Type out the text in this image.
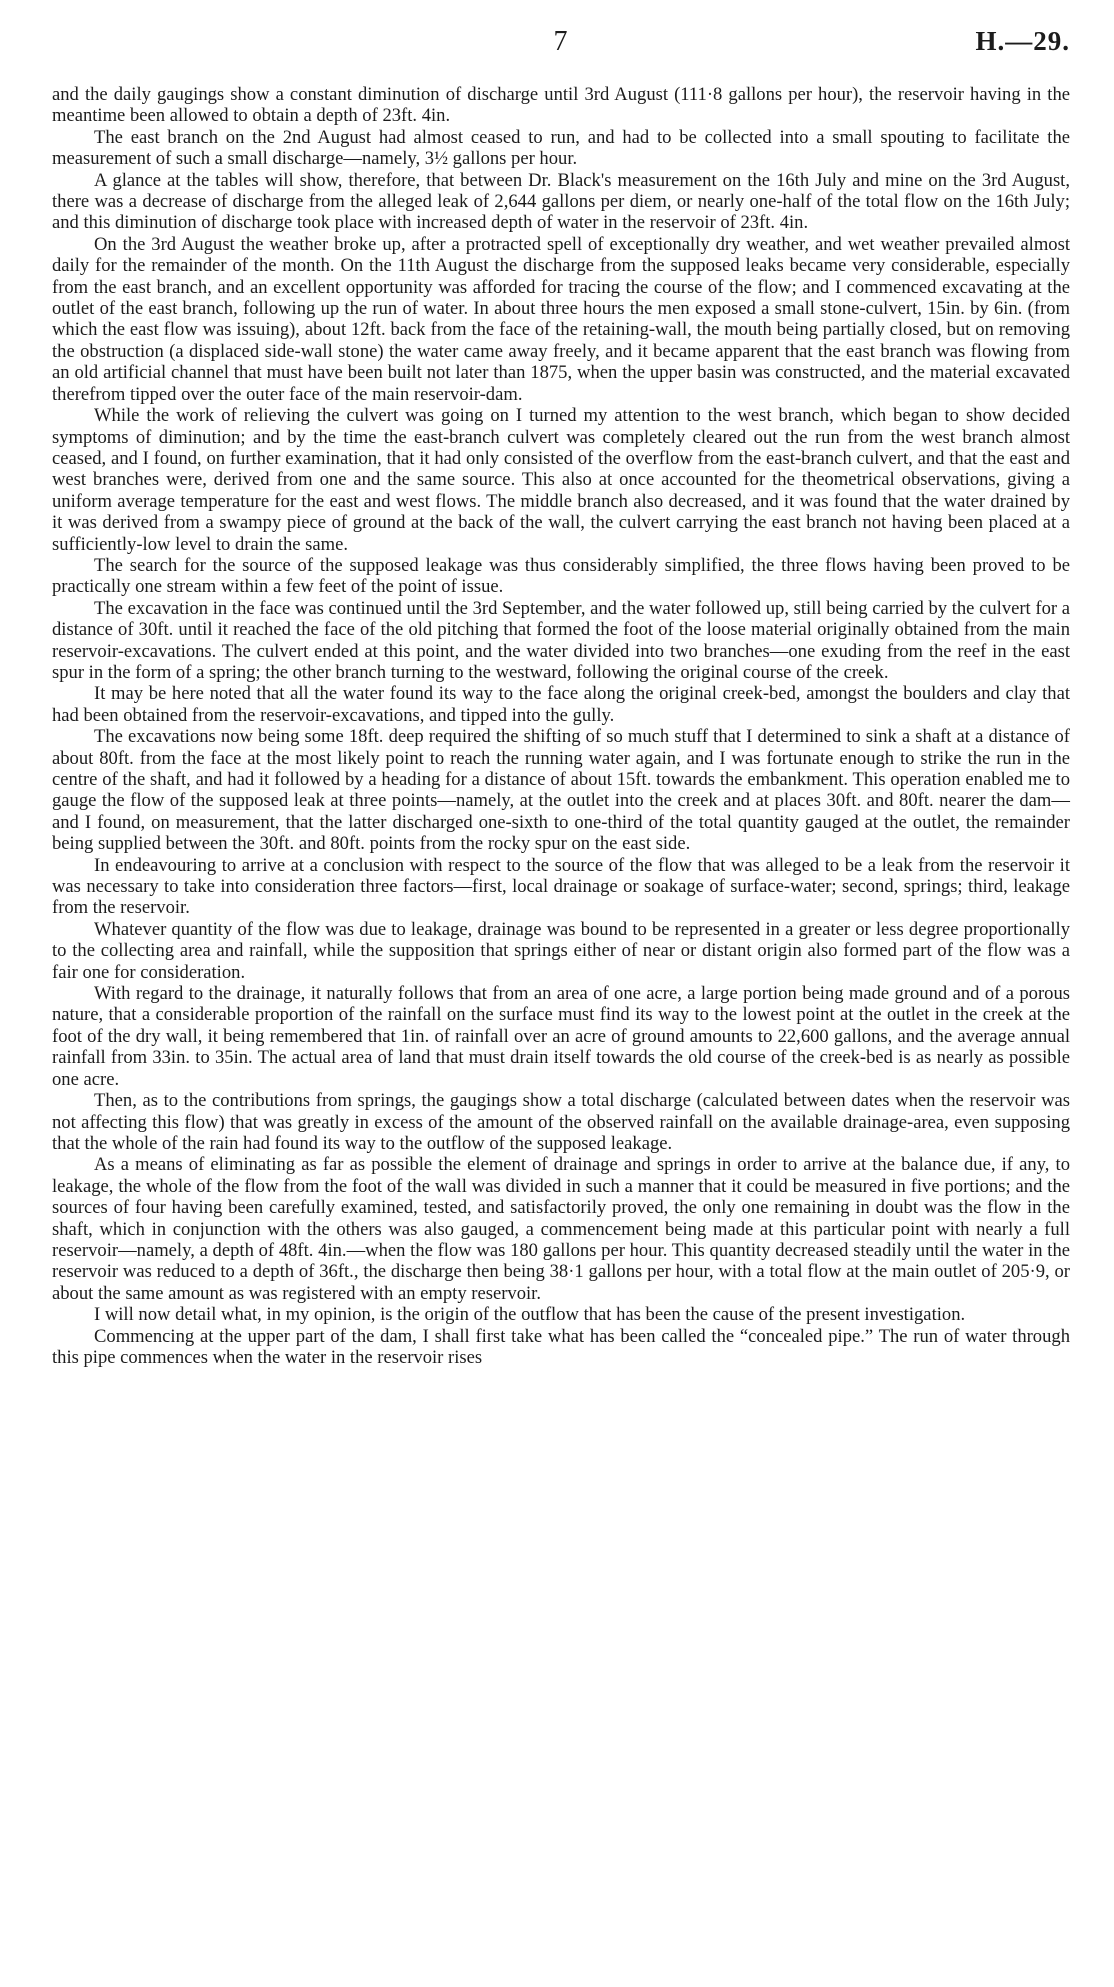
7	H.—29.

and the daily gaugings show a constant diminution of discharge until 3rd August (111·8 gallons per hour), the reservoir having in the meantime been allowed to obtain a depth of 23ft. 4in.

The east branch on the 2nd August had almost ceased to run, and had to be collected into a small spouting to facilitate the measurement of such a small discharge—namely, 3½ gallons per hour.

A glance at the tables will show, therefore, that between Dr. Black's measurement on the 16th July and mine on the 3rd August, there was a decrease of discharge from the alleged leak of 2,644 gallons per diem, or nearly one-half of the total flow on the 16th July; and this diminution of discharge took place with increased depth of water in the reservoir of 23ft. 4in.

On the 3rd August the weather broke up, after a protracted spell of exceptionally dry weather, and wet weather prevailed almost daily for the remainder of the month. On the 11th August the discharge from the supposed leaks became very considerable, especially from the east branch, and an excellent opportunity was afforded for tracing the course of the flow; and I commenced excavating at the outlet of the east branch, following up the run of water. In about three hours the men exposed a small stone-culvert, 15in. by 6in. (from which the east flow was issuing), about 12ft. back from the face of the retaining-wall, the mouth being partially closed, but on removing the obstruction (a displaced side-wall stone) the water came away freely, and it became apparent that the east branch was flowing from an old artificial channel that must have been built not later than 1875, when the upper basin was constructed, and the material excavated therefrom tipped over the outer face of the main reservoir-dam.

While the work of relieving the culvert was going on I turned my attention to the west branch, which began to show decided symptoms of diminution; and by the time the east-branch culvert was completely cleared out the run from the west branch almost ceased, and I found, on further examination, that it had only consisted of the overflow from the east-branch culvert, and that the east and west branches were, derived from one and the same source. This also at once accounted for the theometrical observations, giving a uniform average temperature for the east and west flows. The middle branch also decreased, and it was found that the water drained by it was derived from a swampy piece of ground at the back of the wall, the culvert carrying the east branch not having been placed at a sufficiently-low level to drain the same.

The search for the source of the supposed leakage was thus considerably simplified, the three flows having been proved to be practically one stream within a few feet of the point of issue.

The excavation in the face was continued until the 3rd September, and the water followed up, still being carried by the culvert for a distance of 30ft. until it reached the face of the old pitching that formed the foot of the loose material originally obtained from the main reservoir-excavations. The culvert ended at this point, and the water divided into two branches—one exuding from the reef in the east spur in the form of a spring; the other branch turning to the westward, following the original course of the creek.

It may be here noted that all the water found its way to the face along the original creek-bed, amongst the boulders and clay that had been obtained from the reservoir-excavations, and tipped into the gully.

The excavations now being some 18ft. deep required the shifting of so much stuff that I determined to sink a shaft at a distance of about 80ft. from the face at the most likely point to reach the running water again, and I was fortunate enough to strike the run in the centre of the shaft, and had it followed by a heading for a distance of about 15ft. towards the embankment. This operation enabled me to gauge the flow of the supposed leak at three points—namely, at the outlet into the creek and at places 30ft. and 80ft. nearer the dam—and I found, on measurement, that the latter discharged one-sixth to one-third of the total quantity gauged at the outlet, the remainder being supplied between the 30ft. and 80ft. points from the rocky spur on the east side.

In endeavouring to arrive at a conclusion with respect to the source of the flow that was alleged to be a leak from the reservoir it was necessary to take into consideration three factors—first, local drainage or soakage of surface-water; second, springs; third, leakage from the reservoir.

Whatever quantity of the flow was due to leakage, drainage was bound to be represented in a greater or less degree proportionally to the collecting area and rainfall, while the supposition that springs either of near or distant origin also formed part of the flow was a fair one for consideration.

With regard to the drainage, it naturally follows that from an area of one acre, a large portion being made ground and of a porous nature, that a considerable proportion of the rainfall on the surface must find its way to the lowest point at the outlet in the creek at the foot of the dry wall, it being remembered that 1in. of rainfall over an acre of ground amounts to 22,600 gallons, and the average annual rainfall from 33in. to 35in. The actual area of land that must drain itself towards the old course of the creek-bed is as nearly as possible one acre.

Then, as to the contributions from springs, the gaugings show a total discharge (calculated between dates when the reservoir was not affecting this flow) that was greatly in excess of the amount of the observed rainfall on the available drainage-area, even supposing that the whole of the rain had found its way to the outflow of the supposed leakage.

As a means of eliminating as far as possible the element of drainage and springs in order to arrive at the balance due, if any, to leakage, the whole of the flow from the foot of the wall was divided in such a manner that it could be measured in five portions; and the sources of four having been carefully examined, tested, and satisfactorily proved, the only one remaining in doubt was the flow in the shaft, which in conjunction with the others was also gauged, a commencement being made at this particular point with nearly a full reservoir—namely, a depth of 48ft. 4in.—when the flow was 180 gallons per hour. This quantity decreased steadily until the water in the reservoir was reduced to a depth of 36ft., the discharge then being 38·1 gallons per hour, with a total flow at the main outlet of 205·9, or about the same amount as was registered with an empty reservoir.

I will now detail what, in my opinion, is the origin of the outflow that has been the cause of the present investigation.

Commencing at the upper part of the dam, I shall first take what has been called the “concealed pipe.” The run of water through this pipe commences when the water in the reservoir rises
